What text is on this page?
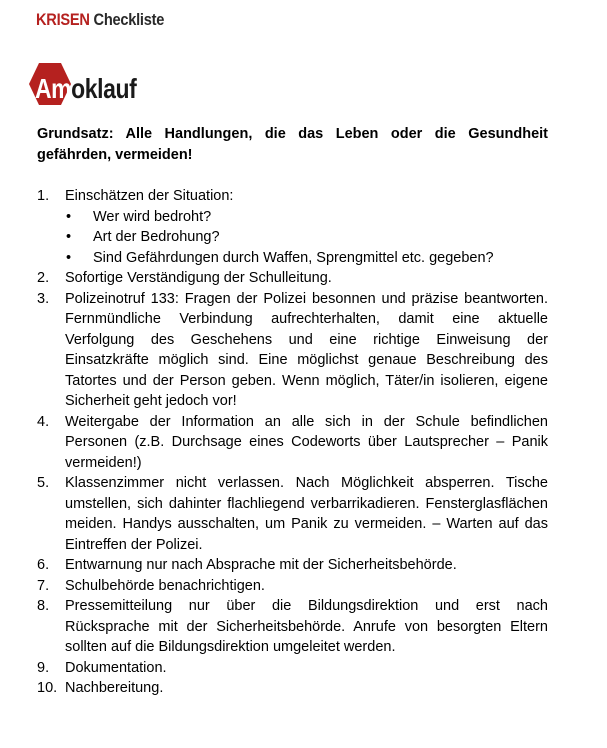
KRISEN Checkliste
Amoklauf
Grundsatz: Alle Handlungen, die das Leben oder die Gesundheit gefährden, vermeiden!
1. Einschätzen der Situation:
• Wer wird bedroht?
• Art der Bedrohung?
• Sind Gefährdungen durch Waffen, Sprengmittel etc. gegeben?
2. Sofortige Verständigung der Schulleitung.
3. Polizeinotruf 133: Fragen der Polizei besonnen und präzise beantworten. Fernmündliche Verbindung aufrechterhalten, damit eine aktuelle Verfolgung des Geschehens und eine richtige Einweisung der Einsatzkräfte möglich sind. Eine möglichst genaue Beschreibung des Tatortes und der Person geben. Wenn möglich, Täter/in isolieren, eigene Sicherheit geht jedoch vor!
4. Weitergabe der Information an alle sich in der Schule befindlichen Personen (z.B. Durchsage eines Codeworts über Lautsprecher – Panik vermeiden!)
5. Klassenzimmer nicht verlassen. Nach Möglichkeit absperren. Tische umstellen, sich dahinter flachliegend verbarrikadieren. Fensterglasflächen meiden. Handys ausschalten, um Panik zu vermeiden. – Warten auf das Eintreffen der Polizei.
6. Entwarnung nur nach Absprache mit der Sicherheitsbehörde.
7. Schulbehörde benachrichtigen.
8. Pressemitteilung nur über die Bildungsdirektion und erst nach Rücksprache mit der Sicherheitsbehörde. Anrufe von besorgten Eltern sollten auf die Bildungsdirektion umgeleitet werden.
9. Dokumentation.
10. Nachbereitung.
